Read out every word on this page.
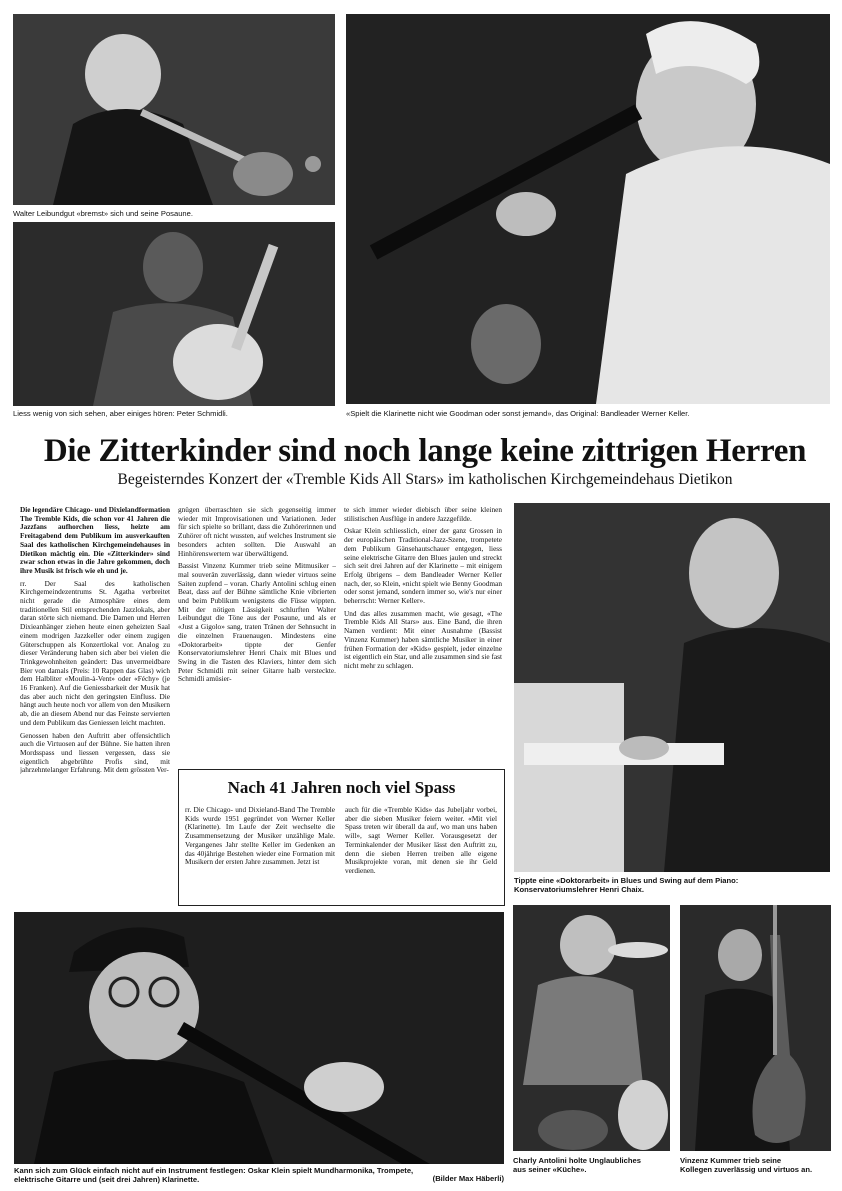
Walter Leibundgut «bremst» sich und seine Posaune.
Liess wenig von sich sehen, aber einiges hören: Peter Schmidli.	«Spielt die Klarinette nicht wie Goodman oder sonst jemand», das Original: Bandleader Werner Keller.
Die Zitterkinder sind noch lange keine zittrigen Herren
Begeisterndes Konzert der «Tremble Kids All Stars» im katholischen Kirchgemeindehaus Dietikon

Die legendäre Chicago- und Dixielandformation The Tremble Kids, die schon vor 41 Jahren die Jazzfans aufhorchen liess, heizte am Freitagabend dem Publikum im ausverkauften Saal des katholischen Kirchgemeindehauses in Dietikon mächtig ein. Die «Zitterkinder» sind zwar schon etwas in die Jahre gekommen, doch ihre Musik ist frisch wie eh und je.

rr. Der Saal des katholischen Kirchgemeindezentrums St. Agatha verbreitet nicht gerade die Atmosphäre eines dem traditionellen Stil entsprechenden Jazzlokals, aber daran störte sich niemand. Die Damen und Herren Dixieanhänger ziehen heute einen geheizten Saal einem modrigen Jazzkeller oder einem zugigen Güterschuppen als Konzertlokal vor. Analog zu dieser Veränderung haben sich aber bei vielen die Trinkgewohnheiten geändert: Das unvermeidbare Bier von damals (Preis: 10 Rappen das Glas) wich dem Halbliter «Moulin-à-Vent» oder «Féchy» (je 16 Franken). Auf die Geniessbarkeit der Musik hat das aber auch nicht den geringsten Einfluss. Die hängt auch heute noch vor allem von den Musikern ab, die an diesem Abend nur das Feinste servierten und dem Publikum das Geniessen leicht machten.

Genossen haben den Auftritt aber offensichtlich auch die Virtuosen auf der Bühne. Sie hatten ihren Mordsspass und liessen vergessen, dass sie eigentlich abgebrühte Profis sind, mit jahrzehntelanger Erfahrung. Mit dem grössten Ver-

gnügen überraschten sie sich gegenseitig immer wieder mit Improvisationen und Variationen. Jeder für sich spielte so brillant, dass die Zuhörerinnen und Zuhörer oft nicht wussten, auf welches Instrument sie besonders achten sollten. Die Auswahl an Hinhörenswertem war überwältigend.

Bassist Vinzenz Kummer trieb seine Mitmusiker – mal souverän zuverlässig, dann wieder virtuos seine Saiten zupfend – voran. Charly Antolini schlug einen Beat, dass auf der Bühne sämtliche Knie vibrierten und beim Publikum wenigstens die Füsse wippten. Mit der nötigen Lässigkeit schlurften Walter Leibundgut die Töne aus der Posaune, und als er «Just a Gigolo» sang, traten Tränen der Sehnsucht in die einzelnen Frauenaugen. Mindestens eine «Doktorarbeit» tippte der Genfer Konservatoriumslehrer Henri Chaix mit Blues und Swing in die Tasten des Klaviers, hinter dem sich Peter Schmidli mit seiner Gitarre halb versteckte. Schmidli amüsier-

te sich immer wieder diebisch über seine kleinen stilistischen Ausflüge in andere Jazzgefilde.

Oskar Klein schliesslich, einer der ganz Grossen in der europäischen Traditional-Jazz-Szene, trompetete dem Publikum Gänsehautschauer entgegen, liess seine elektrische Gitarre den Blues jaulen und streckt sich seit drei Jahren auf der Klarinette – mit einigem Erfolg übrigens – dem Bandleader Werner Keller nach, der, so Klein, «nicht spielt wie Benny Goodman oder sonst jemand, sondern immer so, wie's nur einer beherrscht: Werner Keller».

Und das alles zusammen macht, wie gesagt, «The Tremble Kids All Stars» aus. Eine Band, die ihren Namen verdient: Mit einer Ausnahme (Bassist Vinzenz Kummer) haben sämtliche Musiker in einer frühen Formation der «Kids» gespielt, jeder einzelne ist eigentlich ein Star, und alle zusammen sind sie fast nicht mehr zu schlagen.

Nach 41 Jahren noch viel Spass
rr. Die Chicago- und Dixieland-Band The Tremble Kids wurde 1951 gegründet von Werner Keller (Klarinette). Im Laufe der Zeit wechselte die Zusammensetzung der Musiker unzählige Male. Vergangenes Jahr stellte Keller im Gedenken an das 40jährige Bestehen wieder eine Formation mit Musikern der ersten Jahre zusammen. Jetzt ist
auch für die «Tremble Kids» das Jubeljahr vorbei, aber die sieben Musiker feiern weiter. «Mit viel Spass treten wir überall da auf, wo man uns haben will», sagt Werner Keller. Vorausgesetzt der Terminkalender der Musiker lässt den Auftritt zu, denn die sieben Herren treiben alle eigene Musikprojekte voran, mit denen sie ihr Geld verdienen.
Tippte eine «Doktorarbeit» in Blues und Swing auf dem Piano:
Konservatoriumslehrer Henri Chaix.
Kann sich zum Glück einfach nicht auf ein Instrument festlegen: Oskar Klein spielt Mundharmonika, Trompete,
elektrische Gitarre und (seit drei Jahren) Klarinette.	(Bilder Max Häberli)
Charly Antolini holte Unglaubliches
aus seiner «Küche».
Vinzenz Kummer trieb seine
Kollegen zuverlässig und virtuos an.
